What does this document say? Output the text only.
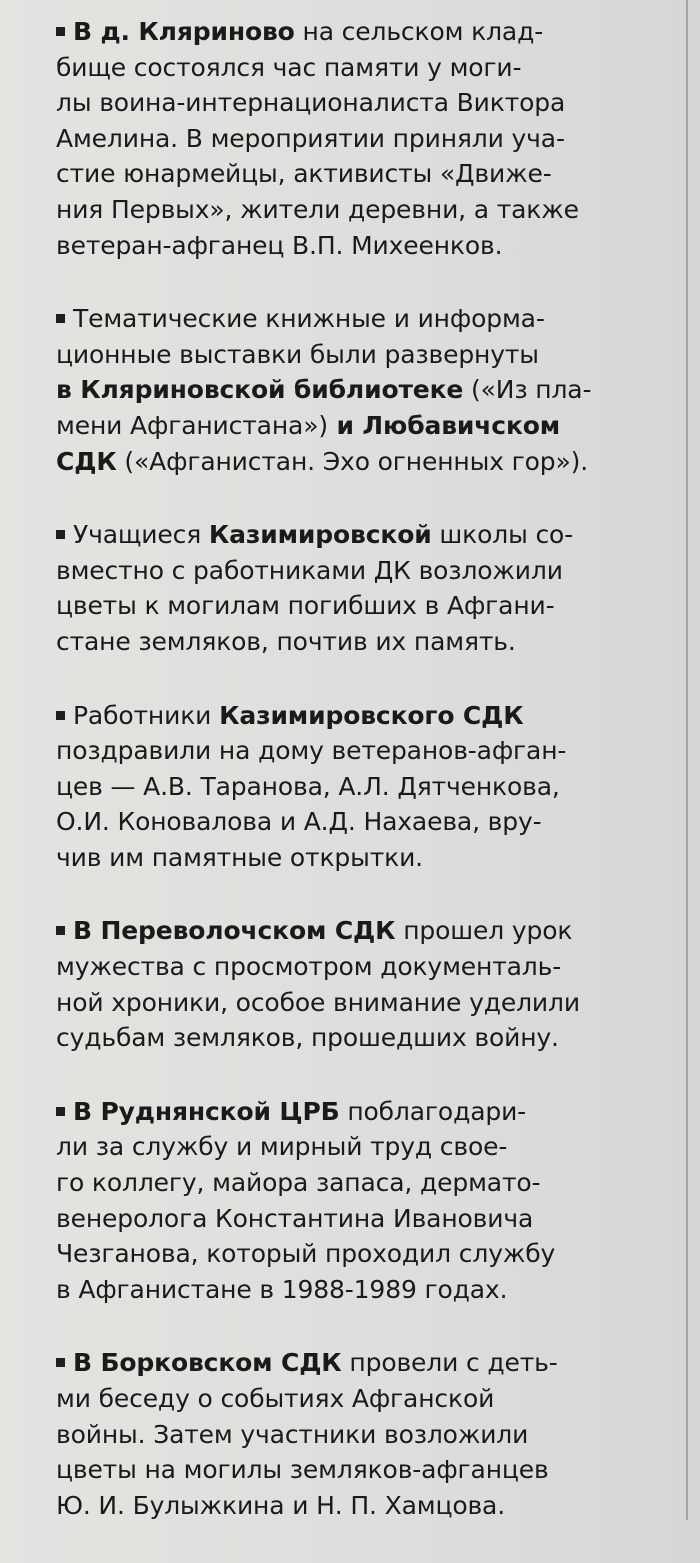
В д. Кляриново на сельском клад-
бище состоялся час памяти у моги-
лы воина-интернационалиста Виктора
Амелина. В мероприятии приняли уча-
стие юнармейцы, активисты «Движе-
ния Первых», жители деревни, а также
ветеран-афганец В.П. Михеенков.

Тематические книжные и информа-
ционные выставки были развернуты
в Кляриновской библиотеке («Из пла-
мени Афганистана») и Любавичском
СДК («Афганистан. Эхо огненных гор»).

Учащиеся Казимировской школы со-
вместно с работниками ДК возложили
цветы к могилам погибших в Афгани-
стане земляков, почтив их память.

Работники Казимировского СДК
поздравили на дому ветеранов-афган-
цев — А.В. Таранова, А.Л. Дятченкова,
О.И. Коновалова и А.Д. Нахаева, вру-
чив им памятные открытки.

В Переволочском СДК прошел урок
мужества с просмотром документаль-
ной хроники, особое внимание уделили
судьбам земляков, прошедших войну.

В Руднянской ЦРБ поблагодари-
ли за службу и мирный труд свое-
го коллегу, майора запаса, дермато-
венеролога Константина Ивановича
Чезганова, который проходил службу
в Афганистане в 1988-1989 годах.

В Борковском СДК провели с деть-
ми беседу о событиях Афганской
войны. Затем участники возложили
цветы на могилы земляков-афганцев
Ю. И. Булыжкина и Н. П. Хамцова.
